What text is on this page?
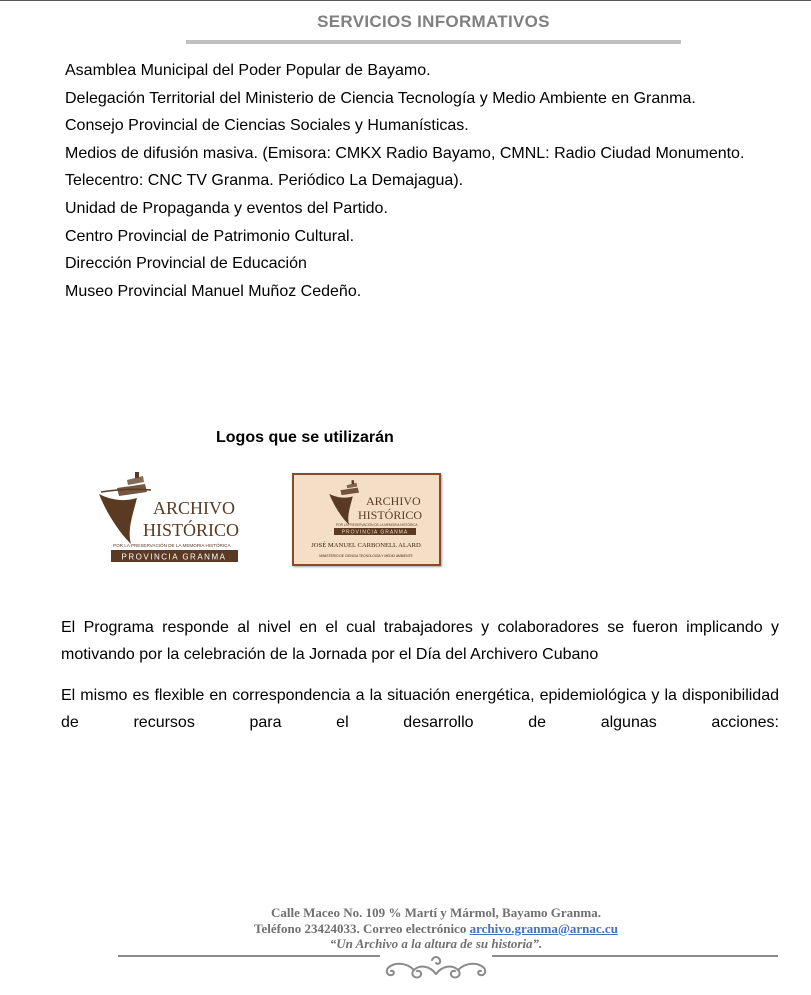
SERVICIOS INFORMATIVOS
Asamblea Municipal del Poder Popular de Bayamo.
Delegación Territorial del Ministerio de Ciencia Tecnología y Medio Ambiente en Granma.
Consejo Provincial de Ciencias Sociales y Humanísticas.
Medios de difusión masiva. (Emisora: CMKX Radio Bayamo, CMNL: Radio Ciudad Monumento.
Telecentro: CNC TV Granma. Periódico La Demajagua).
Unidad de Propaganda y eventos del Partido.
Centro Provincial de Patrimonio Cultural.
Dirección Provincial de Educación
Museo Provincial Manuel Muñoz Cedeño.
Logos que se utilizarán
ARCHIVO
HISTÓRICO
POR LA PRESERVACIÓN DE LA MEMORIA HISTÓRICA
PROVINCIA GRANMA
ARCHIVO
HISTÓRICO
POR LA PRESERVACIÓN DE LA MEMORIA HISTÓRICA
PROVINCIA GRANMA
JOSÉ MANUEL CARBONELL ALARD
MINISTERIO DE CIENCIA TECNOLOGÍA Y MEDIO AMBIENTE

El Programa responde al nivel en el cual trabajadores y colaboradores se fueron implicando y motivando por la celebración de la Jornada por el Día del Archivero Cubano

El mismo es flexible en correspondencia a la situación energética, epidemiológica y la disponibilidad de recursos para el desarrollo de algunas acciones:

Calle Maceo No. 109 % Martí y Mármol, Bayamo Granma.
Teléfono 23424033. Correo electrónico archivo.granma@arnac.cu
“Un Archivo a la altura de su historia”.
